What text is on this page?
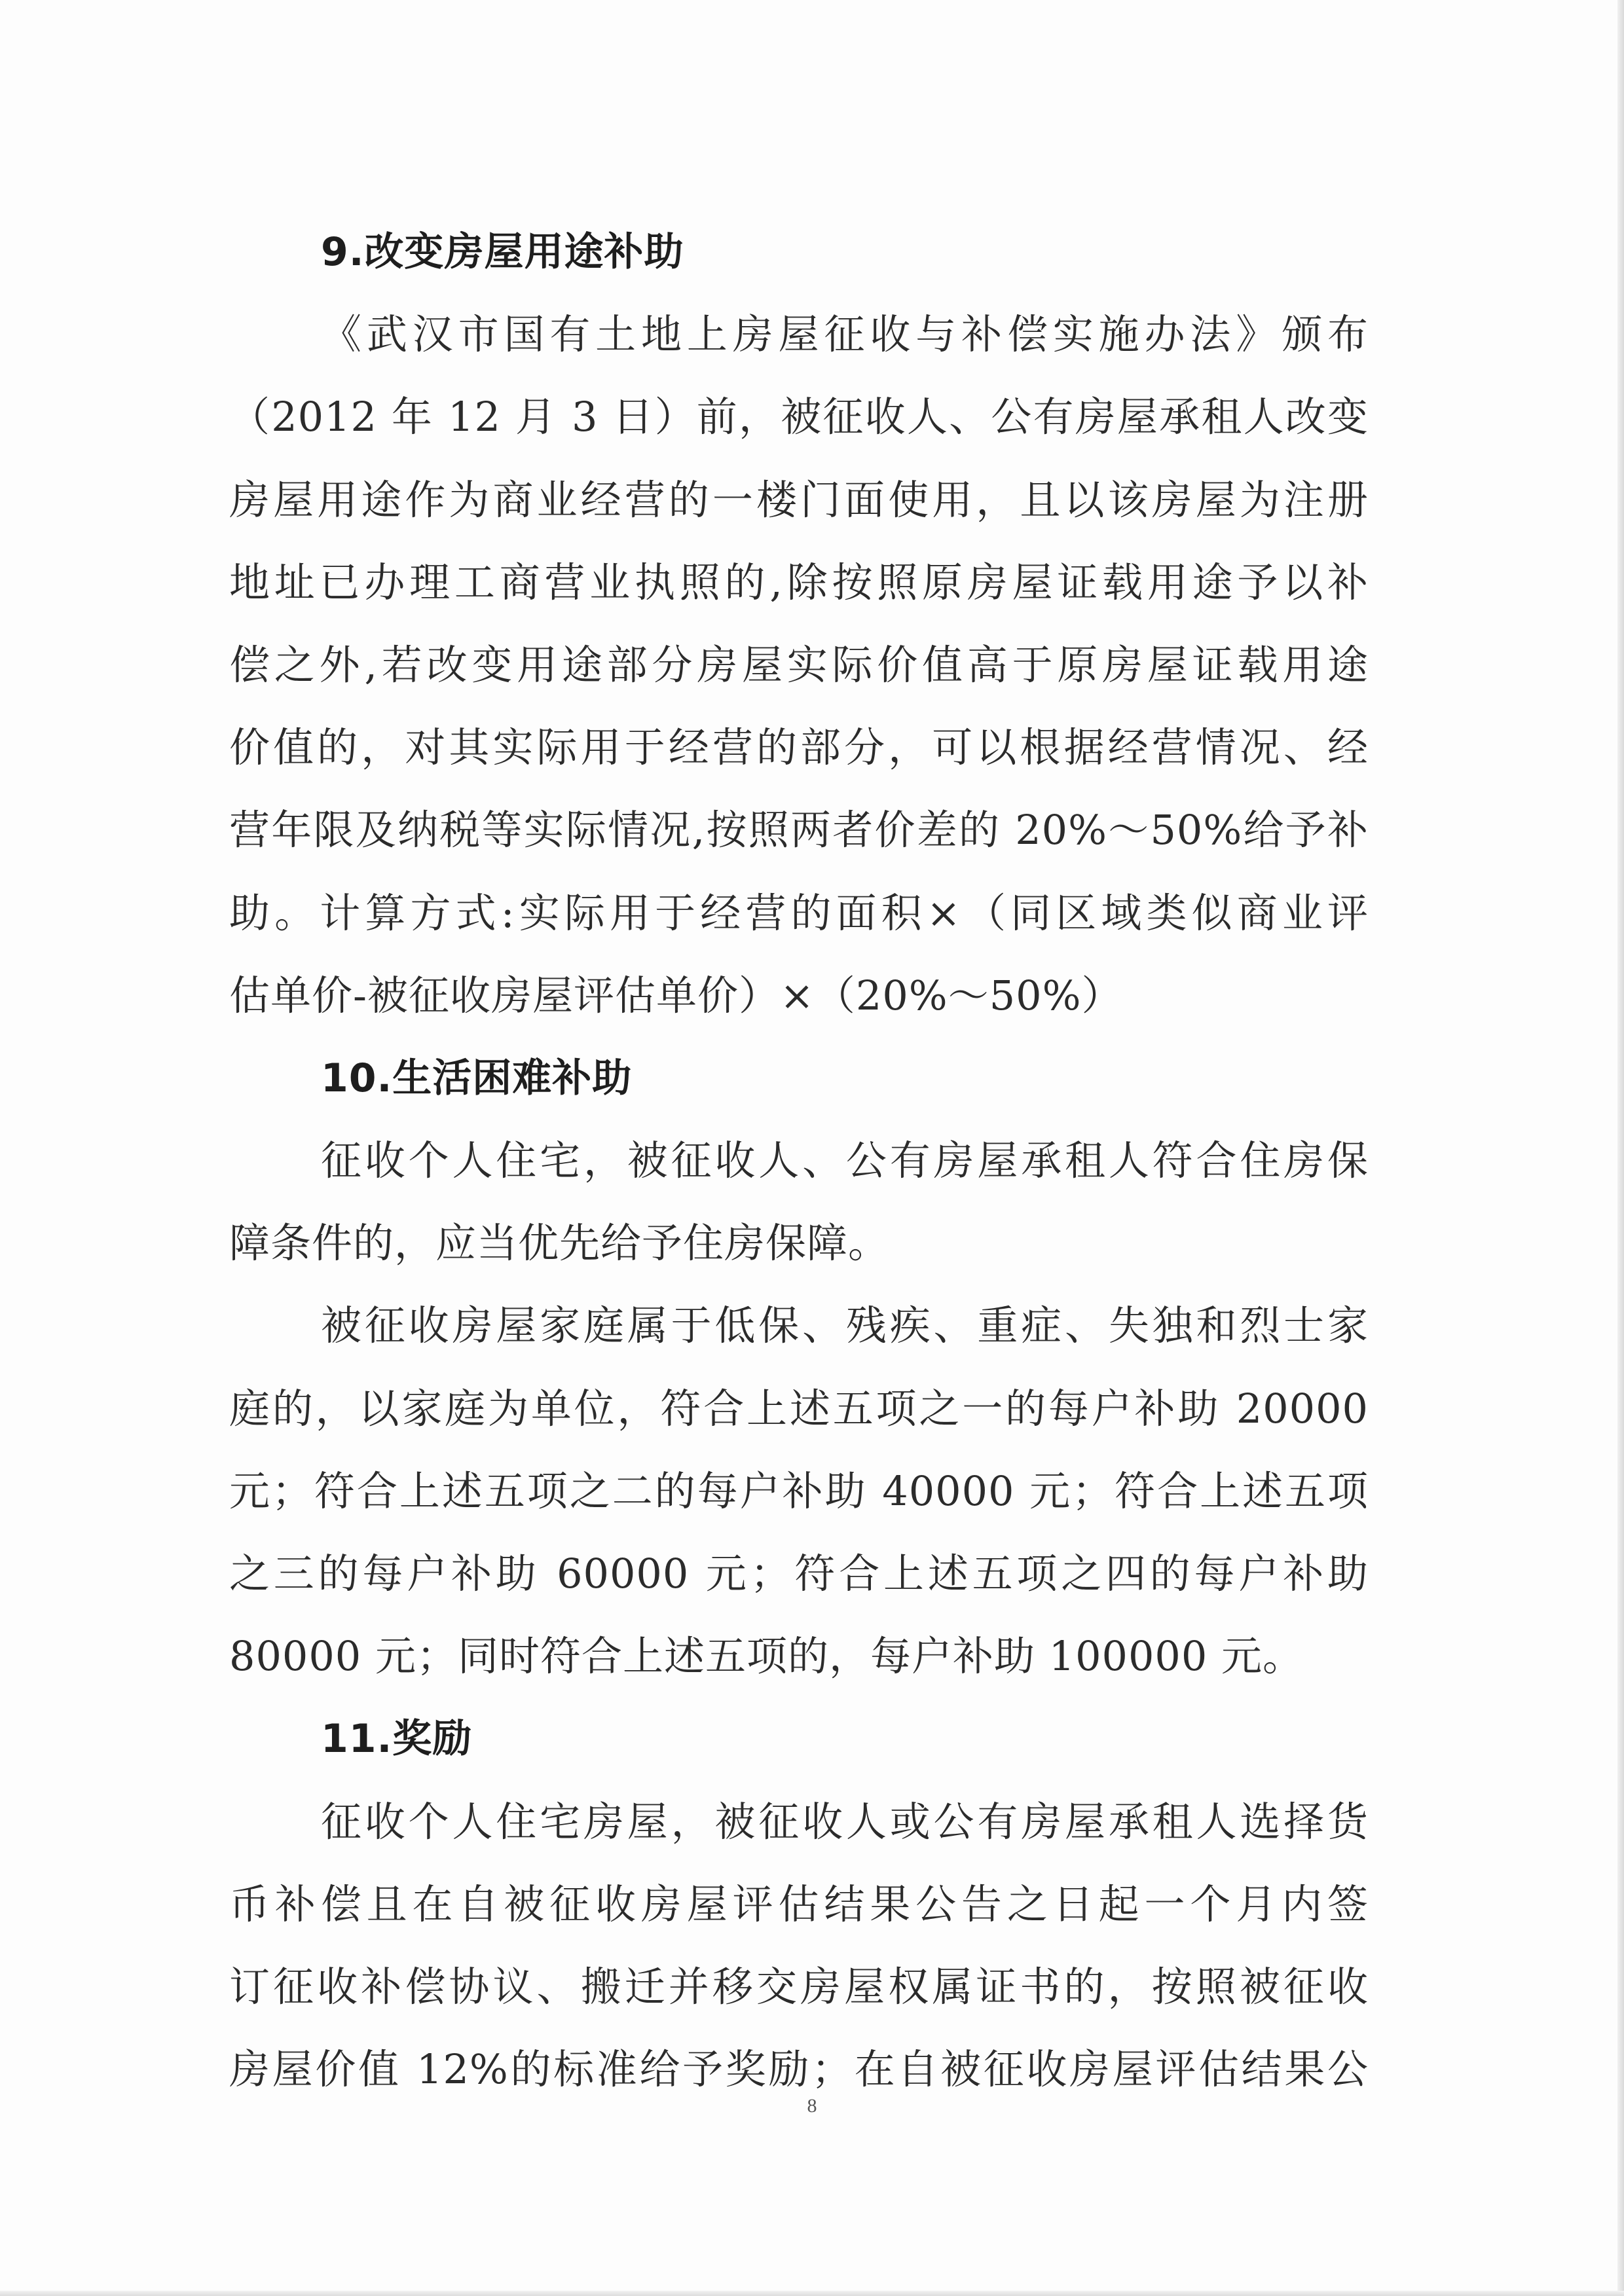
9.改变房屋用途补助
《武汉市国有土地上房屋征收与补偿实施办法》颁布
（2012 年 12 月 3 日）前，被征收人、公有房屋承租人改变
房屋用途作为商业经营的一楼门面使用，且以该房屋为注册
地址已办理工商营业执照的,除按照原房屋证载用途予以补
偿之外,若改变用途部分房屋实际价值高于原房屋证载用途
价值的，对其实际用于经营的部分，可以根据经营情况、经
营年限及纳税等实际情况,按照两者价差的 20%～50%给予补
助。计算方式:实际用于经营的面积×（同区域类似商业评
估单价-被征收房屋评估单价）×（20%～50%）
10.生活困难补助
征收个人住宅，被征收人、公有房屋承租人符合住房保
障条件的，应当优先给予住房保障。
被征收房屋家庭属于低保、残疾、重症、失独和烈士家
庭的，以家庭为单位，符合上述五项之一的每户补助 20000
元；符合上述五项之二的每户补助 40000 元；符合上述五项
之三的每户补助 60000 元；符合上述五项之四的每户补助
80000 元；同时符合上述五项的，每户补助 100000 元。
11.奖励
征收个人住宅房屋，被征收人或公有房屋承租人选择货
币补偿且在自被征收房屋评估结果公告之日起一个月内签
订征收补偿协议、搬迁并移交房屋权属证书的，按照被征收
房屋价值 12%的标准给予奖励；在自被征收房屋评估结果公
8
